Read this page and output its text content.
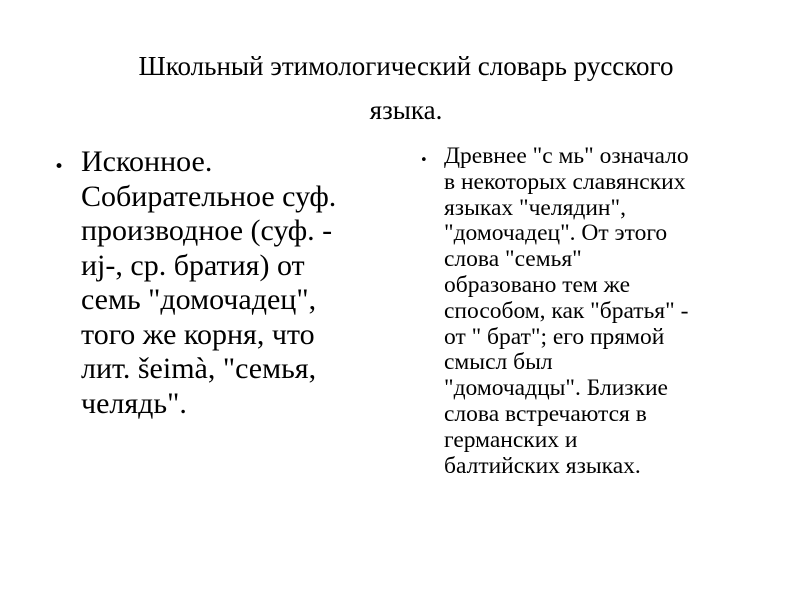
Школьный этимологический словарь русского
языка.
• Исконное.
Собирательное суф.
производное (суф. -
иj-, ср. братия) от
семь "домочадец",
того же корня, что
лит. šeimà, "семья,
челядь".
• Древнее "с мь" означало
в некоторых славянских
языках "челядин",
"домочадец". От этого
слова "семья"
образовано тем же
способом, как "братья" -
от " брат"; его прямой
смысл был
"домочадцы". Близкие
слова встречаются в
германских и
балтийских языках.
